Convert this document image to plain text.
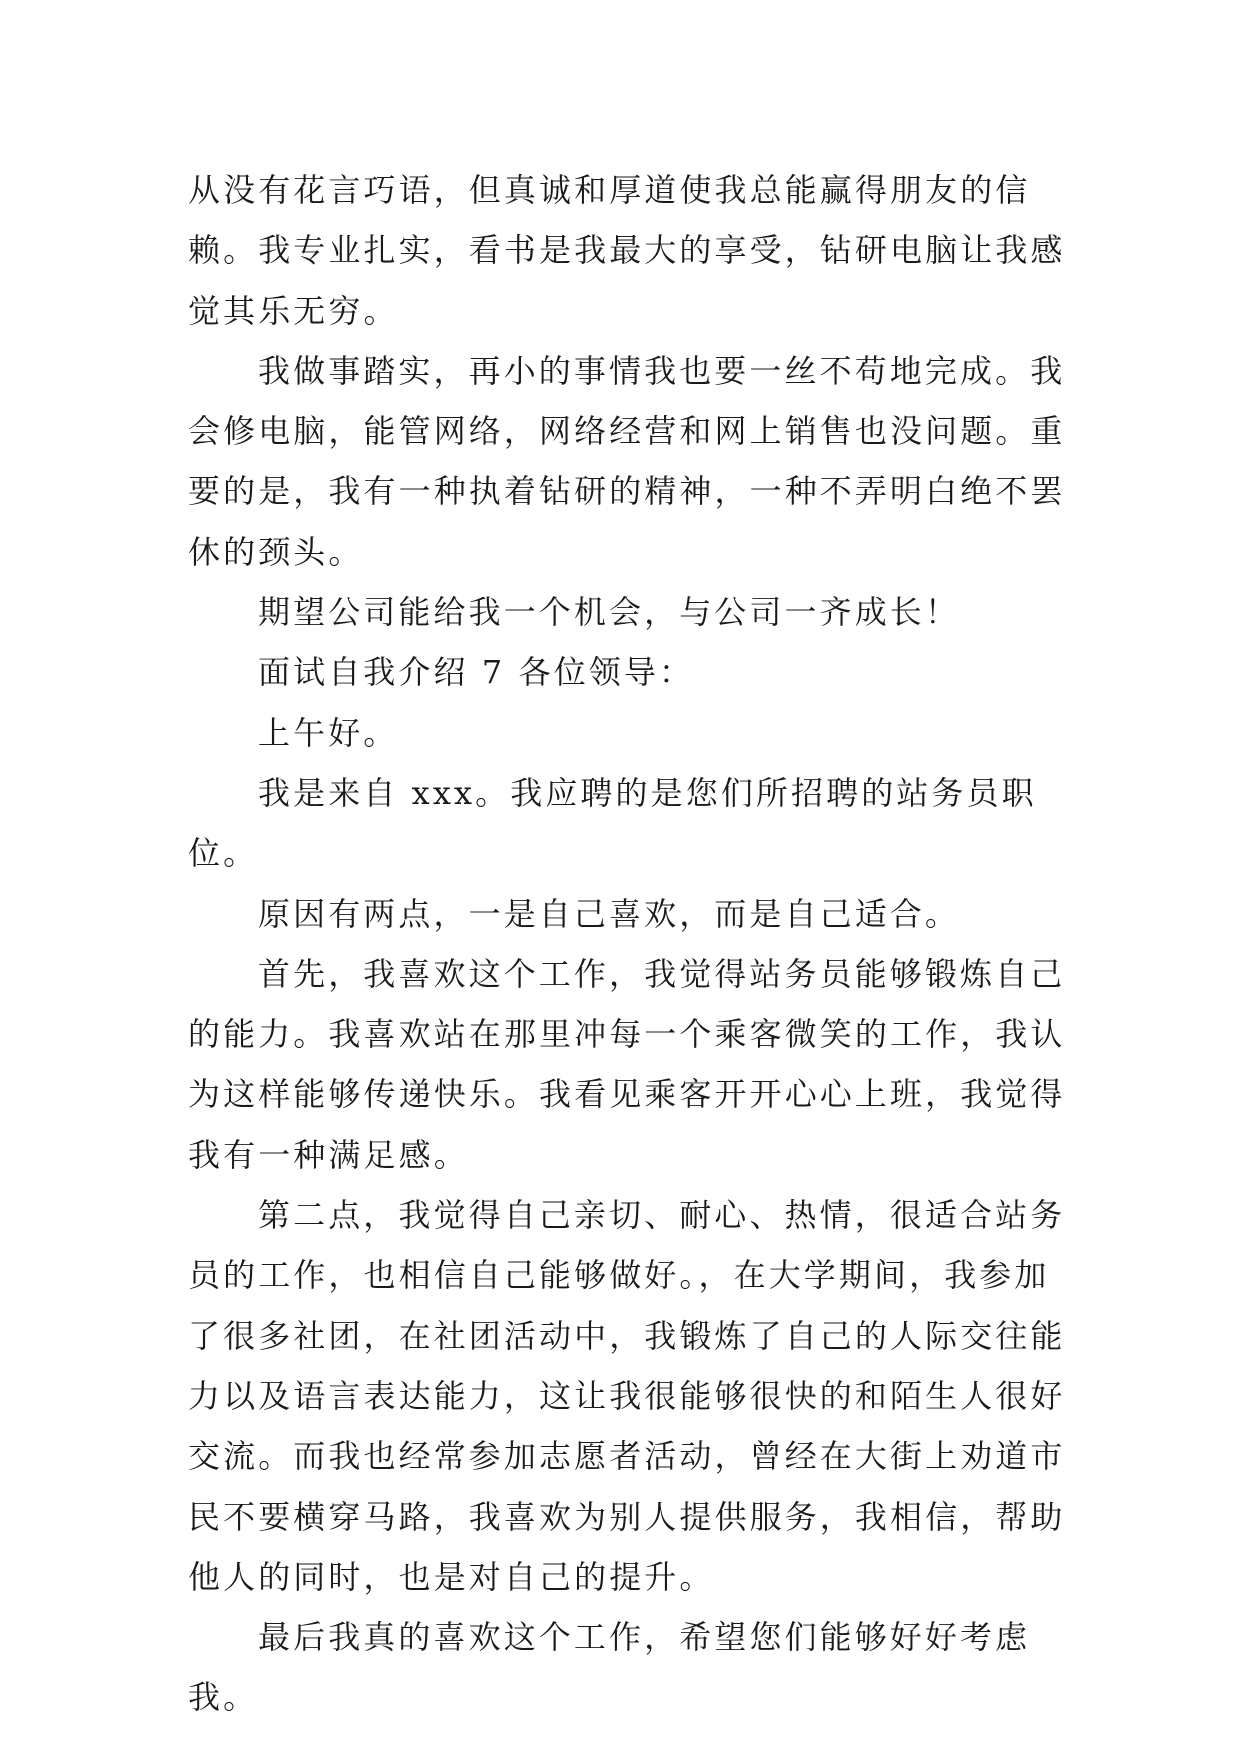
从没有花言巧语，但真诚和厚道使我总能赢得朋友的信赖。我专业扎实，看书是我最大的享受，钻研电脑让我感觉其乐无穷。

我做事踏实，再小的事情我也要一丝不苟地完成。我会修电脑，能管网络，网络经营和网上销售也没问题。重要的是，我有一种执着钻研的精神，一种不弄明白绝不罢休的颈头。

期望公司能给我一个机会，与公司一齐成长！

面试自我介绍 7 各位领导：

上午好。

我是来自 xxx。我应聘的是您们所招聘的站务员职位。

原因有两点，一是自己喜欢，而是自己适合。

首先，我喜欢这个工作，我觉得站务员能够锻炼自己的能力。我喜欢站在那里冲每一个乘客微笑的工作，我认为这样能够传递快乐。我看见乘客开开心心上班，我觉得我有一种满足感。

第二点，我觉得自己亲切、耐心、热情，很适合站务员的工作，也相信自己能够做好。，在大学期间，我参加了很多社团，在社团活动中，我锻炼了自己的人际交往能力以及语言表达能力，这让我很能够很快的和陌生人很好交流。而我也经常参加志愿者活动，曾经在大街上劝道市民不要横穿马路，我喜欢为别人提供服务，我相信，帮助他人的同时，也是对自己的提升。

最后我真的喜欢这个工作，希望您们能够好好考虑我。
